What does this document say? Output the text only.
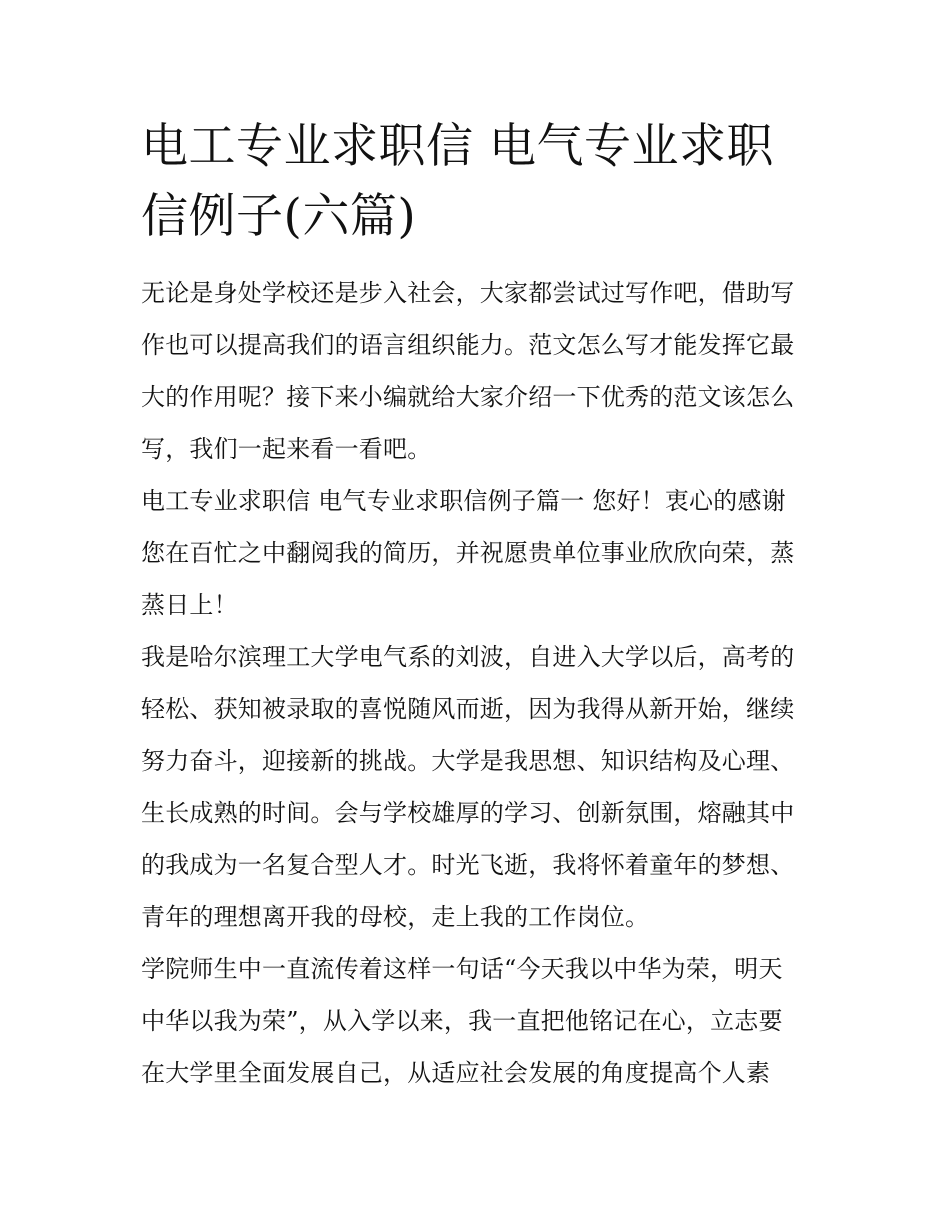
电工专业求职信 电气专业求职
信例子(六篇)

无论是身处学校还是步入社会，大家都尝试过写作吧，借助写
作也可以提高我们的语言组织能力。范文怎么写才能发挥它最
大的作用呢？接下来小编就给大家介绍一下优秀的范文该怎么
写，我们一起来看一看吧。

电工专业求职信 电气专业求职信例子篇一 您好！衷心的感谢
您在百忙之中翻阅我的简历，并祝愿贵单位事业欣欣向荣，蒸
蒸日上！

我是哈尔滨理工大学电气系的刘波，自进入大学以后，高考的
轻松、获知被录取的喜悦随风而逝，因为我得从新开始，继续
努力奋斗，迎接新的挑战。大学是我思想、知识结构及心理、
生长成熟的时间。会与学校雄厚的学习、创新氛围，熔融其中
的我成为一名复合型人才。时光飞逝，我将怀着童年的梦想、
青年的理想离开我的母校，走上我的工作岗位。

学院师生中一直流传着这样一句话“今天我以中华为荣，明天
中华以我为荣”，从入学以来，我一直把他铭记在心，立志要
在大学里全面发展自己，从适应社会发展的角度提高个人素
